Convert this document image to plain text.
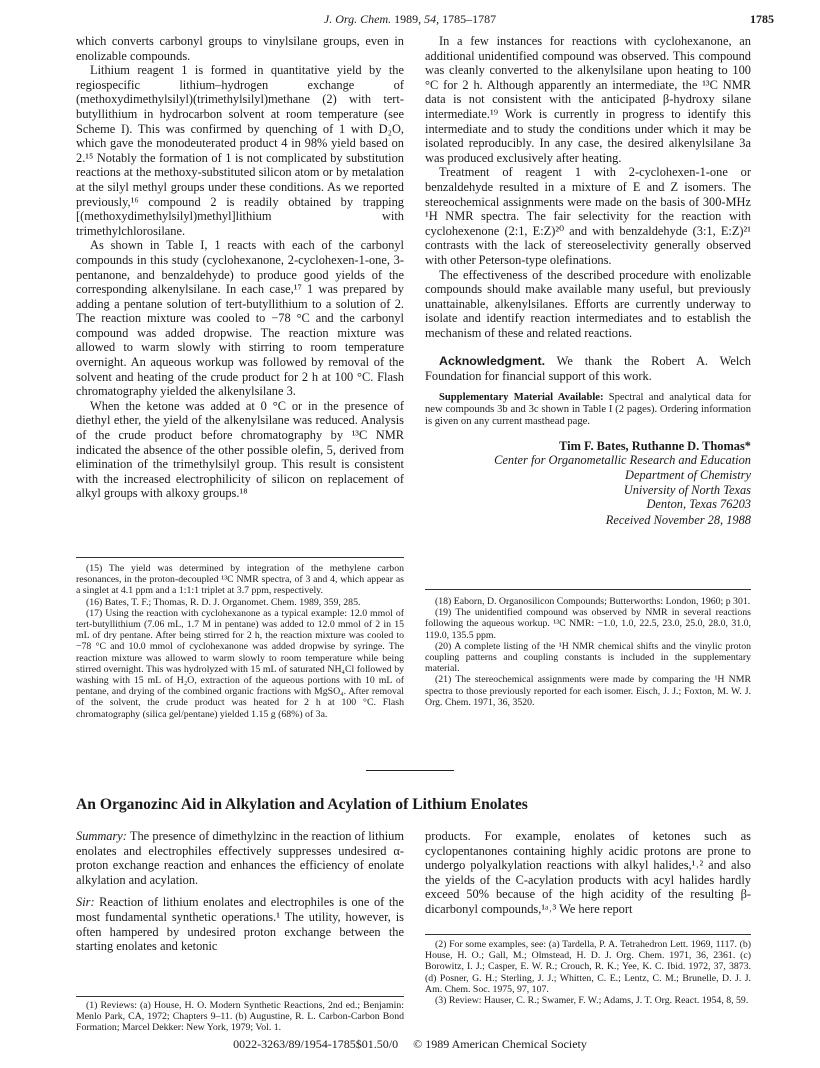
J. Org. Chem. 1989, 54, 1785–1787	1785

which converts carbonyl groups to vinylsilane groups, even in enolizable compounds.

Lithium reagent 1 is formed in quantitative yield by the regiospecific lithium–hydrogen exchange of (methoxydimethylsilyl)(trimethylsilyl)methane (2) with tert-butyllithium in hydrocarbon solvent at room temperature (see Scheme I). This was confirmed by quenching of 1 with D₂O, which gave the monodeuterated product 4 in 98% yield based on 2.¹⁵ Notably the formation of 1 is not complicated by substitution reactions at the methoxy-substituted silicon atom or by metalation at the silyl methyl groups under these conditions. As we reported previously,¹⁶ compound 2 is readily obtained by trapping [(methoxydimethylsilyl)methyl]lithium with trimethylchlorosilane.

As shown in Table I, 1 reacts with each of the carbonyl compounds in this study (cyclohexanone, 2-cyclohexen-1-one, 3-pentanone, and benzaldehyde) to produce good yields of the corresponding alkenylsilane. In each case,¹⁷ 1 was prepared by adding a pentane solution of tert-butyllithium to a solution of 2. The reaction mixture was cooled to −78 °C and the carbonyl compound was added dropwise. The reaction mixture was allowed to warm slowly with stirring to room temperature overnight. An aqueous workup was followed by removal of the solvent and heating of the crude product for 2 h at 100 °C. Flash chromatography yielded the alkenylsilane 3.

When the ketone was added at 0 °C or in the presence of diethyl ether, the yield of the alkenylsilane was reduced. Analysis of the crude product before chromatography by ¹³C NMR indicated the absence of the other possible olefin, 5, derived from elimination of the trimethylsilyl group. This result is consistent with the increased electrophilicity of silicon on replacement of alkyl groups with alkoxy groups.¹⁸

(15) The yield was determined by integration of the methylene carbon resonances, in the proton-decoupled ¹³C NMR spectra, of 3 and 4, which appear as a singlet at 4.1 ppm and a 1:1:1 triplet at 3.7 ppm, respectively.

(16) Bates, T. F.; Thomas, R. D. J. Organomet. Chem. 1989, 359, 285.

(17) Using the reaction with cyclohexanone as a typical example: 12.0 mmol of tert-butyllithium (7.06 mL, 1.7 M in pentane) was added to 12.0 mmol of 2 in 15 mL of dry pentane. After being stirred for 2 h, the reaction mixture was cooled to −78 °C and 10.0 mmol of cyclohexanone was added dropwise by syringe. The reaction mixture was allowed to warm slowly to room temperature while being stirred overnight. This was hydrolyzed with 15 mL of saturated NH₄Cl followed by washing with 15 mL of H₂O, extraction of the aqueous portions with 10 mL of pentane, and drying of the combined organic fractions with MgSO₄. After removal of the solvent, the crude product was heated for 2 h at 100 °C. Flash chromatography (silica gel/pentane) yielded 1.15 g (68%) of 3a.

In a few instances for reactions with cyclohexanone, an additional unidentified compound was observed. This compound was cleanly converted to the alkenylsilane upon heating to 100 °C for 2 h. Although apparently an intermediate, the ¹³C NMR data is not consistent with the anticipated β-hydroxy silane intermediate.¹⁹ Work is currently in progress to identify this intermediate and to study the conditions under which it may be isolated reproducibly. In any case, the desired alkenylsilane 3a was produced exclusively after heating.

Treatment of reagent 1 with 2-cyclohexen-1-one or benzaldehyde resulted in a mixture of E and Z isomers. The stereochemical assignments were made on the basis of 300-MHz ¹H NMR spectra. The fair selectivity for the reaction with cyclohexenone (2:1, E:Z)²⁰ and with benzaldehyde (3:1, E:Z)²¹ contrasts with the lack of stereoselectivity generally observed with other Peterson-type olefinations.

The effectiveness of the described procedure with enolizable compounds should make available many useful, but previously unattainable, alkenylsilanes. Efforts are currently underway to isolate and identify reaction intermediates and to establish the mechanism of these and related reactions.

Acknowledgment. We thank the Robert A. Welch Foundation for financial support of this work.

Supplementary Material Available: Spectral and analytical data for new compounds 3b and 3c shown in Table I (2 pages). Ordering information is given on any current masthead page.

Tim F. Bates, Ruthanne D. Thomas*
Center for Organometallic Research and Education
Department of Chemistry
University of North Texas
Denton, Texas 76203
Received November 28, 1988

(18) Eaborn, D. Organosilicon Compounds; Butterworths: London, 1960; p 301.

(19) The unidentified compound was observed by NMR in several reactions following the aqueous workup. ¹³C NMR: −1.0, 1.0, 22.5, 23.0, 25.0, 28.0, 31.0, 119.0, 135.5 ppm.

(20) A complete listing of the ¹H NMR chemical shifts and the vinylic proton coupling patterns and coupling constants is included in the supplementary material.

(21) The stereochemical assignments were made by comparing the ¹H NMR spectra to those previously reported for each isomer. Eisch, J. J.; Foxton, M. W. J. Org. Chem. 1971, 36, 3520.

An Organozinc Aid in Alkylation and Acylation of Lithium Enolates

Summary: The presence of dimethylzinc in the reaction of lithium enolates and electrophiles effectively suppresses undesired α-proton exchange reaction and enhances the efficiency of enolate alkylation and acylation.

Sir: Reaction of lithium enolates and electrophiles is one of the most fundamental synthetic operations.¹ The utility, however, is often hampered by undesired proton exchange between the starting enolates and ketonic

(1) Reviews: (a) House, H. O. Modern Synthetic Reactions, 2nd ed.; Benjamin: Menlo Park, CA, 1972; Chapters 9–11. (b) Augustine, R. L. Carbon-Carbon Bond Formation; Marcel Dekker: New York, 1979; Vol. 1.

products. For example, enolates of ketones such as cyclopentanones containing highly acidic protons are prone to undergo polyalkylation reactions with alkyl halides,¹˒² and also the yields of the C-acylation products with acyl halides hardly exceed 50% because of the high acidity of the resulting β-dicarbonyl compounds,¹ᵃ˒³ We here report

(2) For some examples, see: (a) Tardella, P. A. Tetrahedron Lett. 1969, 1117. (b) House, H. O.; Gall, M.; Olmstead, H. D. J. Org. Chem. 1971, 36, 2361. (c) Borowitz, I. J.; Casper, E. W. R.; Crouch, R. K.; Yee, K. C. Ibid. 1972, 37, 3873. (d) Posner, G. H.; Sterling, J. J.; Whitten, C. E.; Lentz, C. M.; Brunelle, D. J. J. Am. Chem. Soc. 1975, 97, 107.

(3) Review: Hauser, C. R.; Swamer, F. W.; Adams, J. T. Org. React. 1954, 8, 59.

0022-3263/89/1954-1785$01.50/0 © 1989 American Chemical Society
